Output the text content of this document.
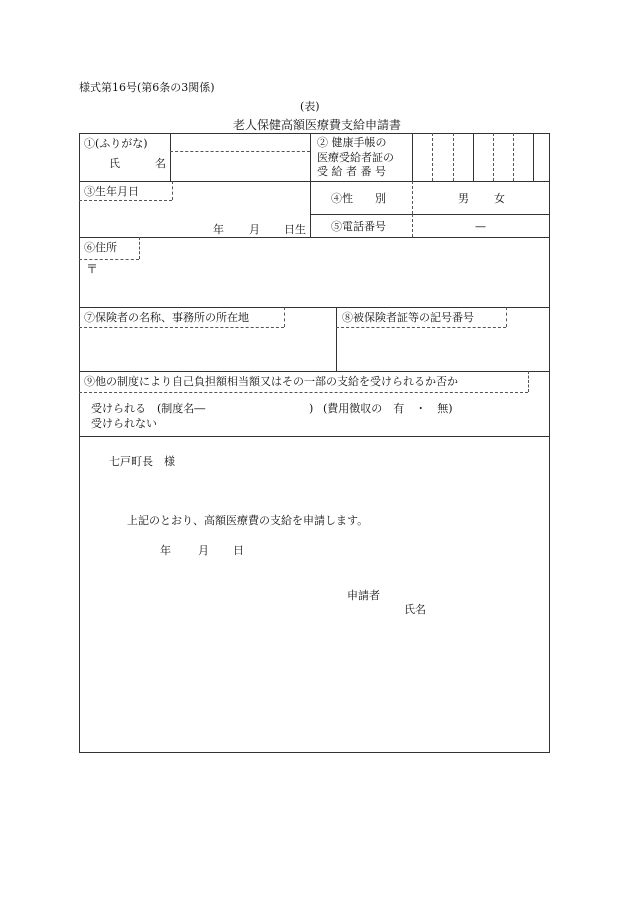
様式第16号(第6条の3関係)
(表)
老人保健高額医療費支給申請書
①(ふりがな)
氏	名
② 健康手帳の
医療受給者証の
受 給 者 番 号
③生年月日
年 月 日生
④性　　別	男 女
⑤電話番号	—
⑥住所
〒
⑦保険者の名称、事務所の所在地	⑧被保険者証等の記号番号
⑨他の制度により自己負担額相当額又はその一部の支給を受けられるか否か
受けられる　(制度名―	) (費用徴収の　有　・　無)
受けられない
七戸町長　様
上記のとおり、高額医療費の支給を申請します。
年 月 日
申請者
氏名
